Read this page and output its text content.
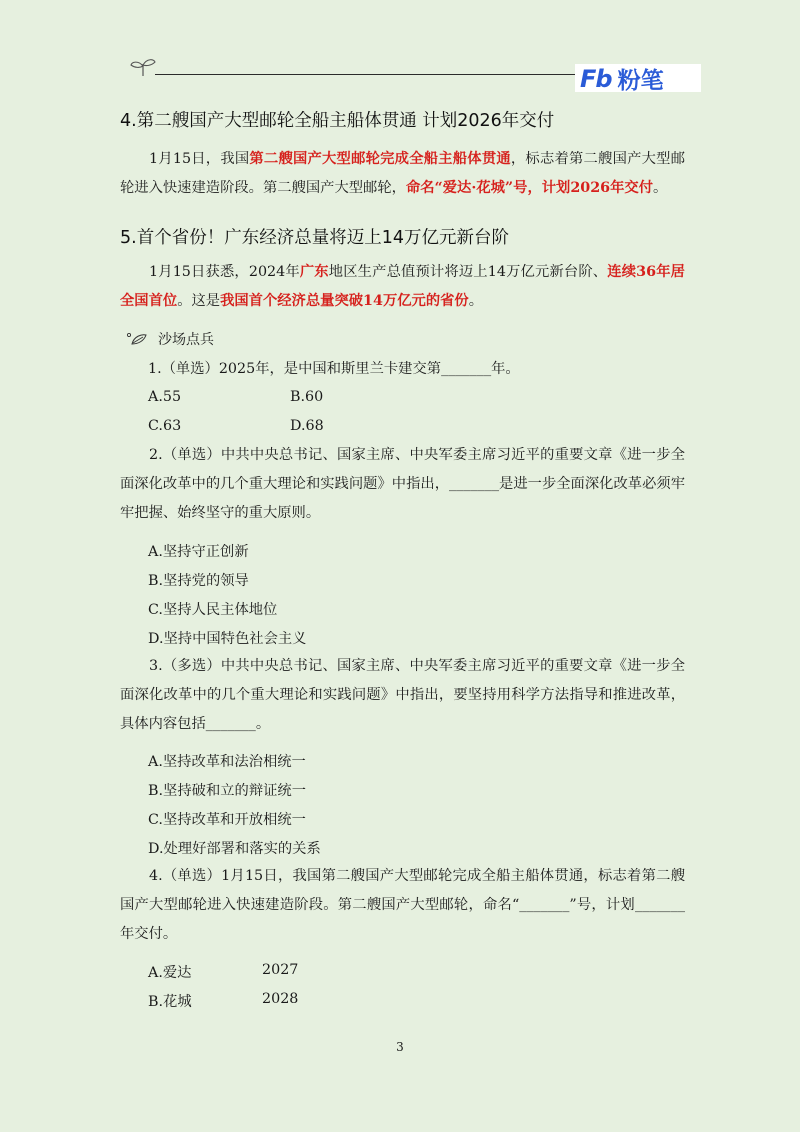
Fb 粉笔
4.第二艘国产大型邮轮全船主船体贯通 计划2026年交付

1月15日，我国第二艘国产大型邮轮完成全船主船体贯通，标志着第二艘国产大型邮轮进入快速建造阶段。第二艘国产大型邮轮，命名“爱达·花城”号，计划2026年交付。

5.首个省份！广东经济总量将迈上14万亿元新台阶

1月15日获悉，2024年广东地区生产总值预计将迈上14万亿元新台阶、连续36年居全国首位。这是我国首个经济总量突破14万亿元的省份。

沙场点兵
1.（单选）2025年，是中国和斯里兰卡建交第_______年。
A.55	B.60
C.63	D.68

2.（单选）中共中央总书记、国家主席、中央军委主席习近平的重要文章《进一步全面深化改革中的几个重大理论和实践问题》中指出，_______是进一步全面深化改革必须牢牢把握、始终坚守的重大原则。

A.坚持守正创新
B.坚持党的领导
C.坚持人民主体地位
D.坚持中国特色社会主义

3.（多选）中共中央总书记、国家主席、中央军委主席习近平的重要文章《进一步全面深化改革中的几个重大理论和实践问题》中指出，要坚持用科学方法指导和推进改革，具体内容包括_______。

A.坚持改革和法治相统一
B.坚持破和立的辩证统一
C.坚持改革和开放相统一
D.处理好部署和落实的关系

4.（单选）1月15日，我国第二艘国产大型邮轮完成全船主船体贯通，标志着第二艘国产大型邮轮进入快速建造阶段。第二艘国产大型邮轮，命名“_______”号，计划_______年交付。

A.爱达	2027
B.花城	2028
3
